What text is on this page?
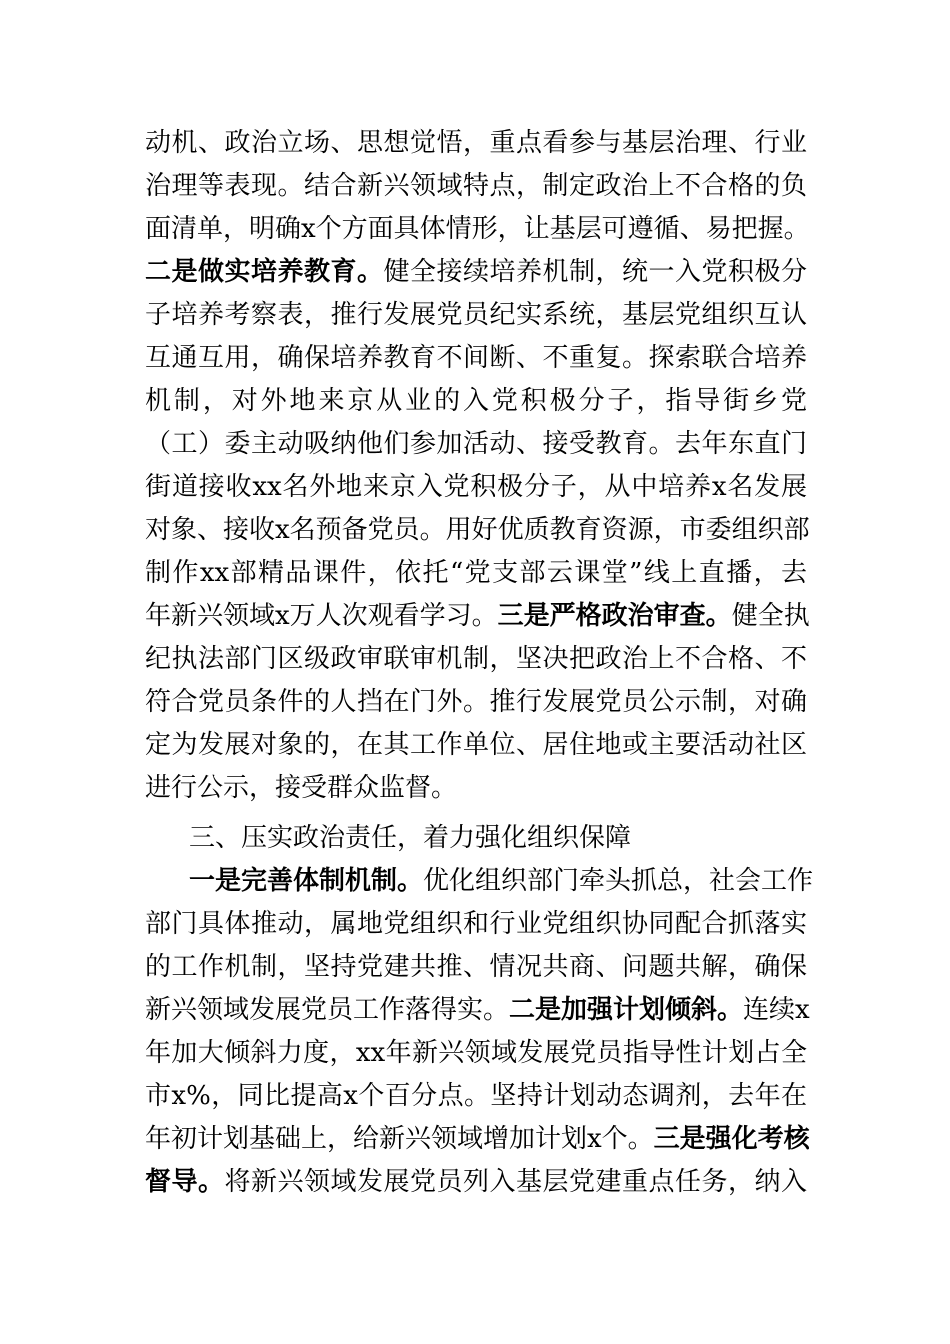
动机、政治立场、思想觉悟，重点看参与基层治理、行业
治理等表现。结合新兴领域特点，制定政治上不合格的负
面清单，明确x个方面具体情形，让基层可遵循、易把握。
二是做实培养教育。健全接续培养机制，统一入党积极分
子培养考察表，推行发展党员纪实系统，基层党组织互认
互通互用，确保培养教育不间断、不重复。探索联合培养
机制，对外地来京从业的入党积极分子，指导街乡党
（工）委主动吸纳他们参加活动、接受教育。去年东直门
街道接收xx名外地来京入党积极分子，从中培养x名发展
对象、接收x名预备党员。用好优质教育资源，市委组织部
制作xx部精品课件，依托“党支部云课堂”线上直播，去
年新兴领域x万人次观看学习。三是严格政治审查。健全执
纪执法部门区级政审联审机制，坚决把政治上不合格、不
符合党员条件的人挡在门外。推行发展党员公示制，对确
定为发展对象的，在其工作单位、居住地或主要活动社区
进行公示，接受群众监督。
三、压实政治责任，着力强化组织保障
一是完善体制机制。优化组织部门牵头抓总，社会工作
部门具体推动，属地党组织和行业党组织协同配合抓落实
的工作机制，坚持党建共推、情况共商、问题共解，确保
新兴领域发展党员工作落得实。二是加强计划倾斜。连续x
年加大倾斜力度，xx年新兴领域发展党员指导性计划占全
市x%，同比提高x个百分点。坚持计划动态调剂，去年在
年初计划基础上，给新兴领域增加计划x个。三是强化考核
督导。将新兴领域发展党员列入基层党建重点任务，纳入
